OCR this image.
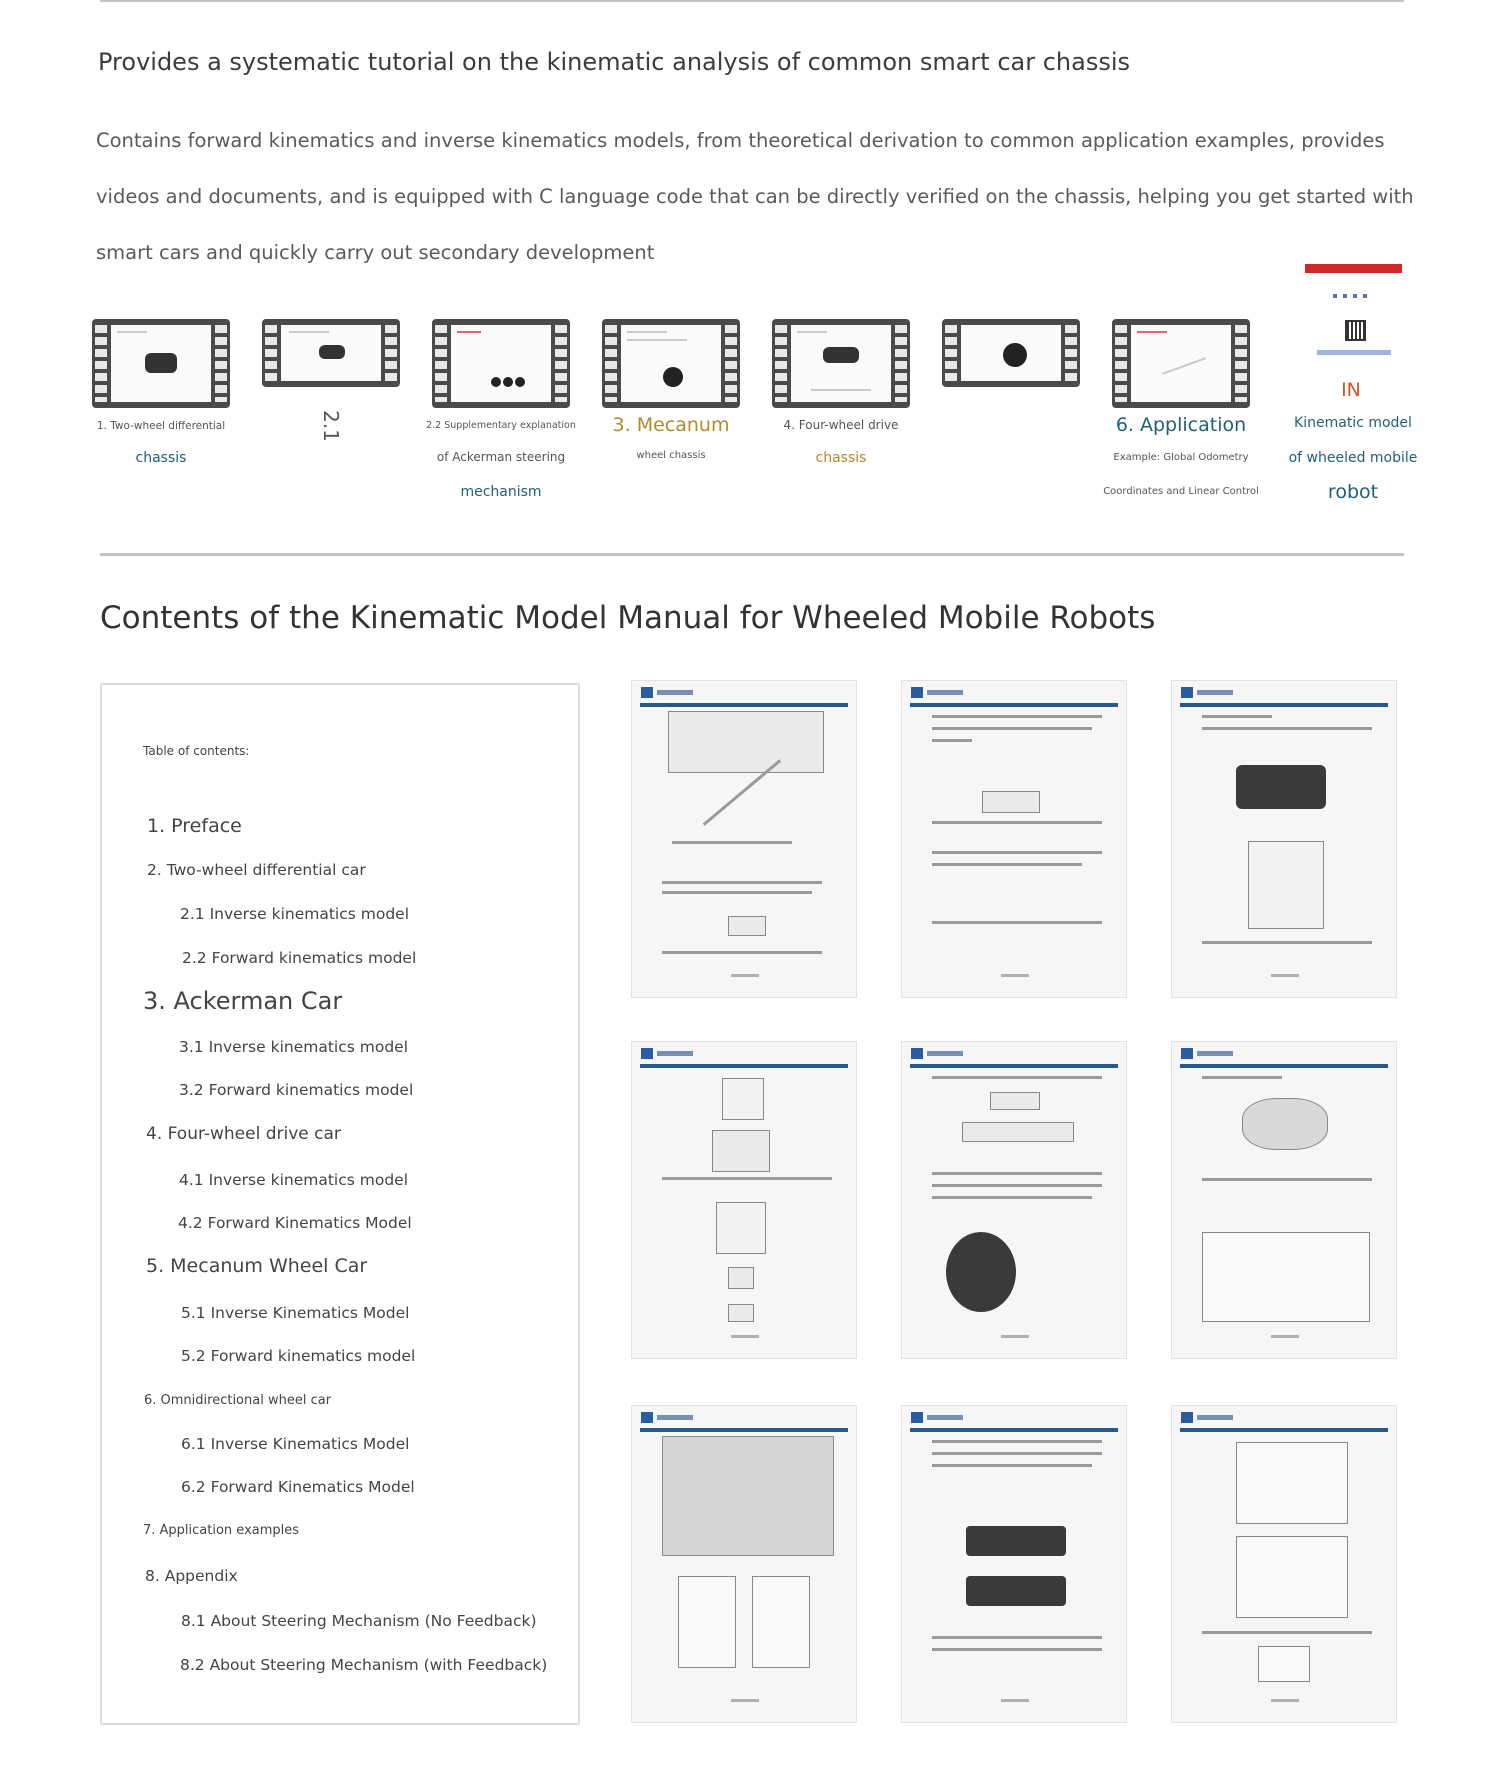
Provides a systematic tutorial on the kinematic analysis of common smart car chassis
Contains forward kinematics and inverse kinematics models, from theoretical derivation to common application examples, provides videos and documents, and is equipped with C language code that can be directly verified on the chassis, helping you get started with smart cars and quickly carry out secondary development
1. Two-wheel differential
chassis
2.1	2.2 Supplementary explanation
of Ackerman steering
mechanism
3. Mecanum
wheel chassis
4. Four-wheel drive
chassis
6. Application
Example: Global Odometry
Coordinates and Linear Control
IN
Kinematic model
of wheeled mobile
robot
Contents of the Kinematic Model Manual for Wheeled Mobile Robots
Table of contents:
1. Preface
2. Two-wheel differential car
2.1 Inverse kinematics model
2.2 Forward kinematics model
3. Ackerman Car
3.1 Inverse kinematics model
3.2 Forward kinematics model
4. Four-wheel drive car
4.1 Inverse kinematics model
4.2 Forward Kinematics Model
5. Mecanum Wheel Car
5.1 Inverse Kinematics Model
5.2 Forward kinematics model
6. Omnidirectional wheel car
6.1 Inverse Kinematics Model
6.2 Forward Kinematics Model
7. Application examples
8. Appendix
8.1 About Steering Mechanism (No Feedback)
8.2 About Steering Mechanism (with Feedback)
